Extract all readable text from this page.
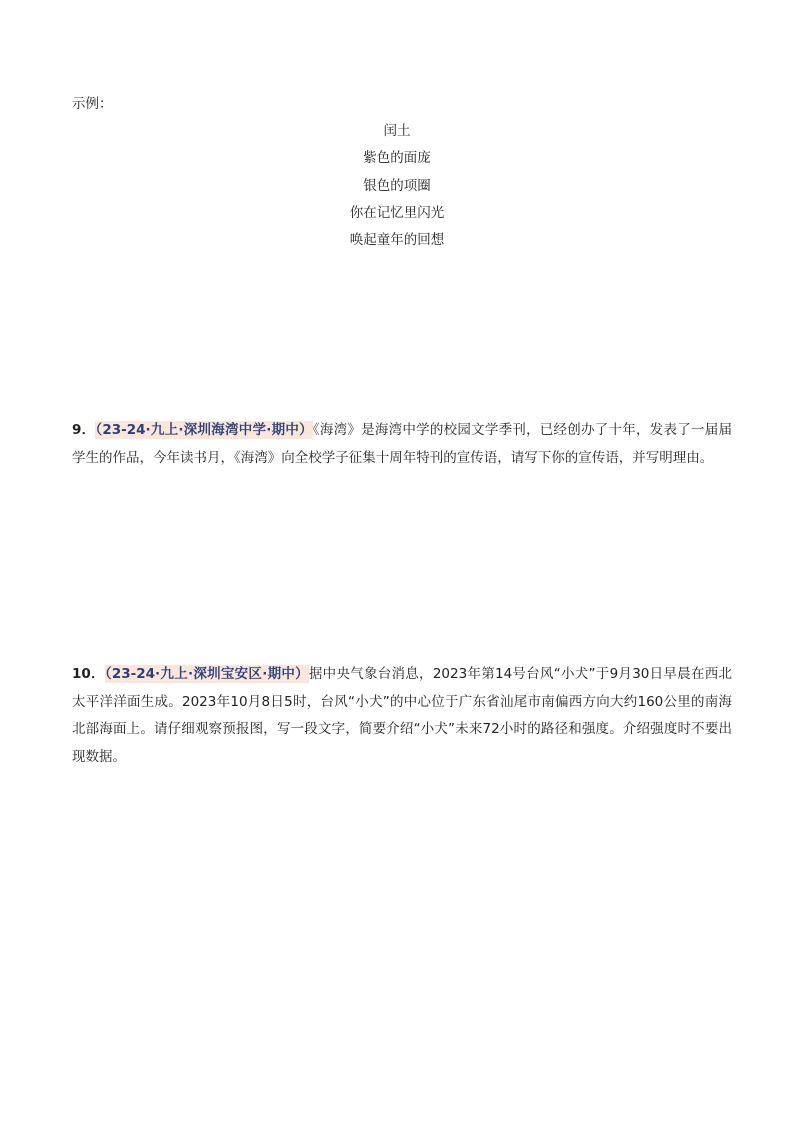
示例：
闰土
紫色的面庞
银色的项圈
你在记忆里闪光
唤起童年的回想
9．（23-24·九上·深圳海湾中学·期中）《海湾》是海湾中学的校园文学季刊，已经创办了十年，发表了一届届学生的作品，今年读书月，《海湾》向全校学子征集十周年特刊的宣传语，请写下你的宣传语，并写明理由。
10．（23-24·九上·深圳宝安区·期中）据中央气象台消息，2023年第14号台风“小犬”于9月30日早晨在西北太平洋洋面生成。2023年10月8日5时，台风“小犬”的中心位于广东省汕尾市南偏西方向大约160公里的南海北部海面上。请仔细观察预报图，写一段文字，简要介绍“小犬”未来72小时的路径和强度。介绍强度时不要出现数据。
